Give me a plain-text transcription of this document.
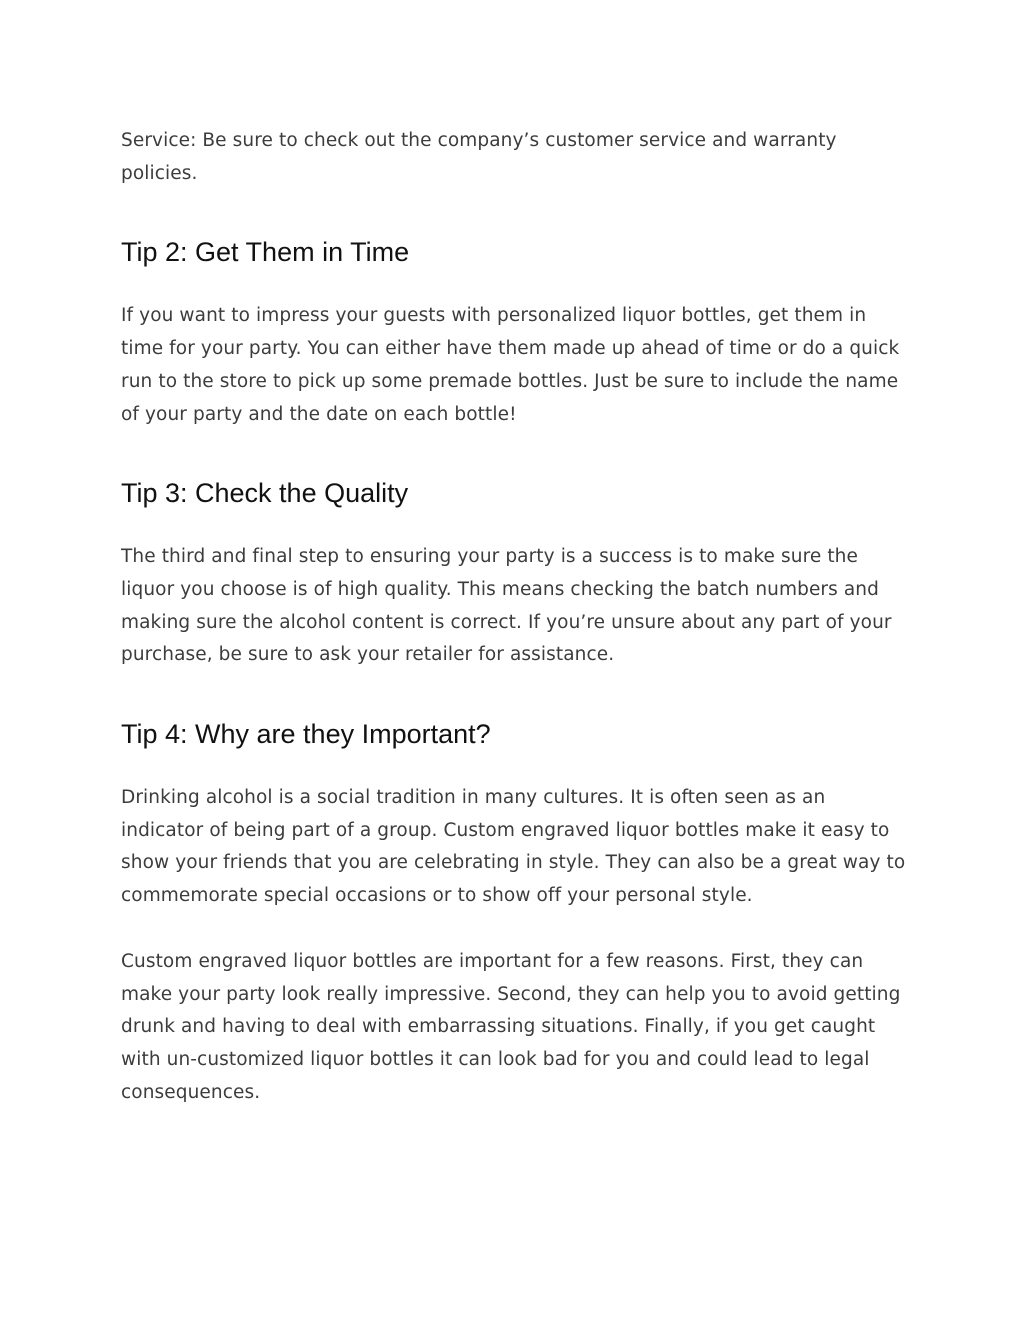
Service: Be sure to check out the company’s customer service and warranty policies.

Tip 2: Get Them in Time

If you want to impress your guests with personalized liquor bottles, get them in time for your party. You can either have them made up ahead of time or do a quick run to the store to pick up some premade bottles. Just be sure to include the name of your party and the date on each bottle!

Tip 3: Check the Quality

The third and final step to ensuring your party is a success is to make sure the liquor you choose is of high quality. This means checking the batch numbers and making sure the alcohol content is correct. If you’re unsure about any part of your purchase, be sure to ask your retailer for assistance.

Tip 4: Why are they Important?

Drinking alcohol is a social tradition in many cultures. It is often seen as an indicator of being part of a group. Custom engraved liquor bottles make it easy to show your friends that you are celebrating in style. They can also be a great way to commemorate special occasions or to show off your personal style.

Custom engraved liquor bottles are important for a few reasons. First, they can make your party look really impressive. Second, they can help you to avoid getting drunk and having to deal with embarrassing situations. Finally, if you get caught with un-customized liquor bottles it can look bad for you and could lead to legal consequences.
